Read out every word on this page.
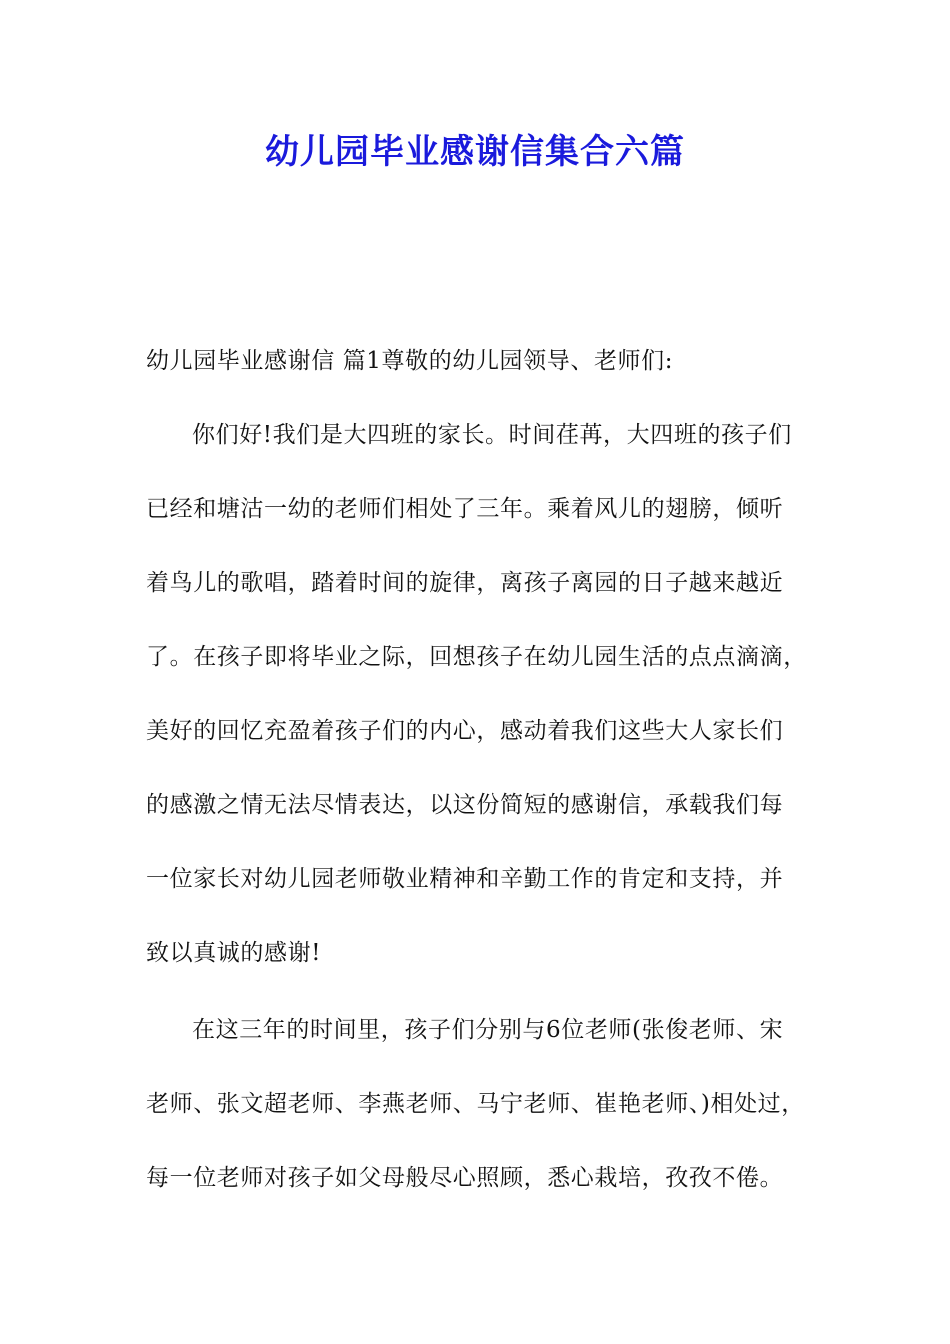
幼儿园毕业感谢信集合六篇
幼儿园毕业感谢信 篇1尊敬的幼儿园领导、老师们:
你们好!我们是大四班的家长。时间荏苒，大四班的孩子们
已经和塘沽一幼的老师们相处了三年。乘着风儿的翅膀，倾听
着鸟儿的歌唱，踏着时间的旋律，离孩子离园的日子越来越近
了。在孩子即将毕业之际，回想孩子在幼儿园生活的点点滴滴，
美好的回忆充盈着孩子们的内心，感动着我们这些大人家长们
的感激之情无法尽情表达，以这份简短的感谢信，承载我们每
一位家长对幼儿园老师敬业精神和辛勤工作的肯定和支持，并
致以真诚的感谢!
在这三年的时间里，孩子们分别与6位老师(张俊老师、宋
老师、张文超老师、李燕老师、马宁老师、崔艳老师、)相处过，
每一位老师对孩子如父母般尽心照顾，悉心栽培，孜孜不倦。
